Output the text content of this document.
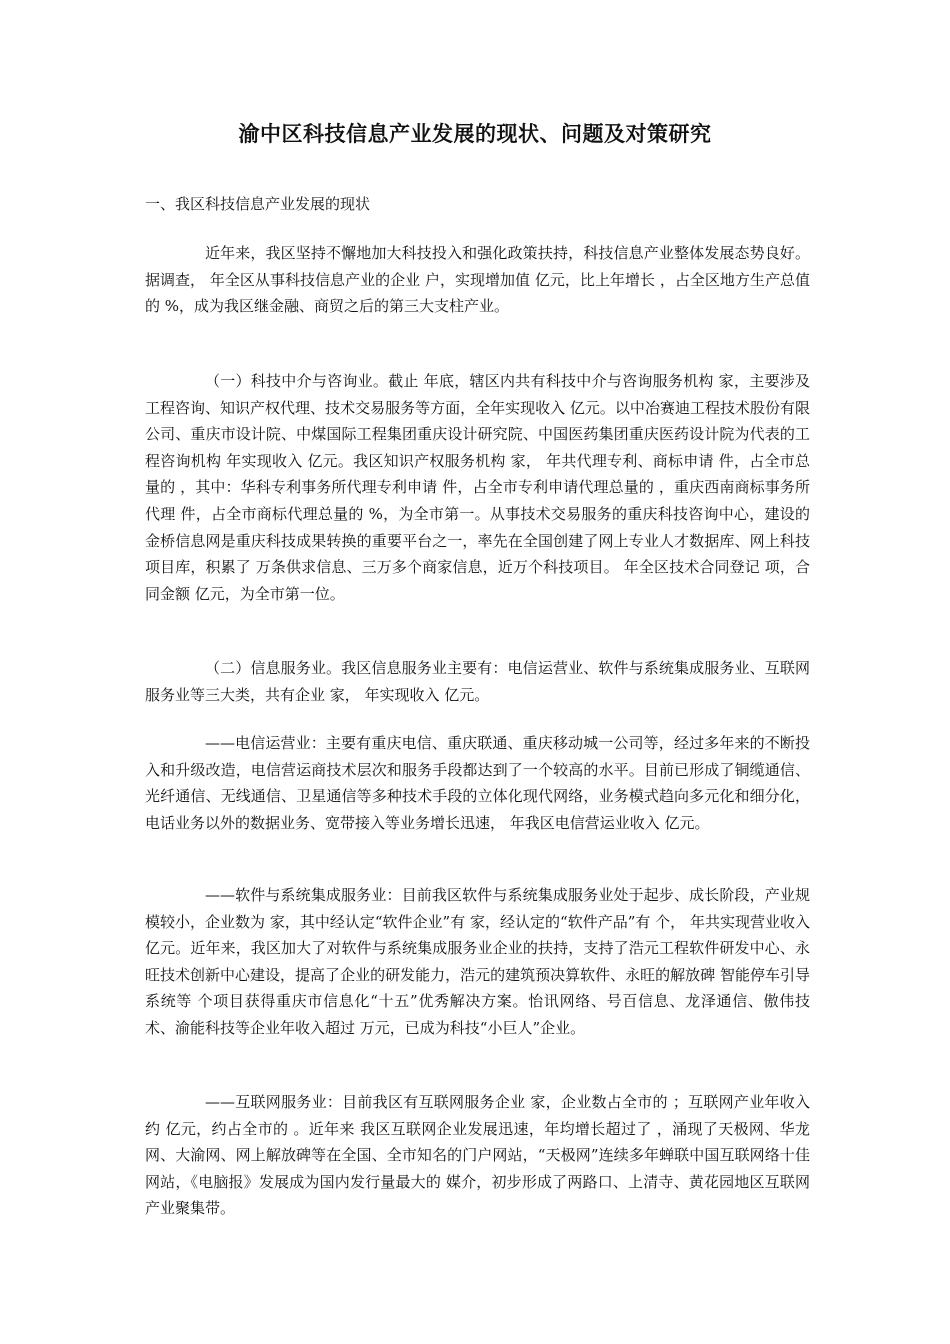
渝中区科技信息产业发展的现状、问题及对策研究
一、我区科技信息产业发展的现状

近年来，我区坚持不懈地加大科技投入和强化政策扶持，科技信息产业整体发展态势良好。据调查， 年全区从事科技信息产业的企业 户，实现增加值 亿元，比上年增长 ，占全区地方生产总值的 %，成为我区继金融、商贸之后的第三大支柱产业。

（一）科技中介与咨询业。截止 年底，辖区内共有科技中介与咨询服务机构 家，主要涉及工程咨询、知识产权代理、技术交易服务等方面，全年实现收入 亿元。以中冶赛迪工程技术股份有限公司、重庆市设计院、中煤国际工程集团重庆设计研究院、中国医药集团重庆医药设计院为代表的工程咨询机构 年实现收入 亿元。我区知识产权服务机构 家， 年共代理专利、商标申请 件，占全市总量的 ，其中：华科专利事务所代理专利申请 件，占全市专利申请代理总量的 ，重庆西南商标事务所代理 件，占全市商标代理总量的 %，为全市第一。从事技术交易服务的重庆科技咨询中心，建设的金桥信息网是重庆科技成果转换的重要平台之一，率先在全国创建了网上专业人才数据库、网上科技项目库，积累了 万条供求信息、三万多个商家信息，近万个科技项目。 年全区技术合同登记 项，合同金额 亿元，为全市第一位。

（二）信息服务业。我区信息服务业主要有：电信运营业、软件与系统集成服务业、互联网服务业等三大类，共有企业 家， 年实现收入 亿元。

——电信运营业：主要有重庆电信、重庆联通、重庆移动城一公司等，经过多年来的不断投入和升级改造，电信营运商技术层次和服务手段都达到了一个较高的水平。目前已形成了铜缆通信、光纤通信、无线通信、卫星通信等多种技术手段的立体化现代网络，业务模式趋向多元化和细分化，电话业务以外的数据业务、宽带接入等业务增长迅速， 年我区电信营运业收入 亿元。

——软件与系统集成服务业：目前我区软件与系统集成服务业处于起步、成长阶段，产业规模较小，企业数为 家，其中经认定“软件企业”有 家，经认定的“软件产品”有 个， 年共实现营业收入 亿元。近年来，我区加大了对软件与系统集成服务业企业的扶持，支持了浩元工程软件研发中心、永旺技术创新中心建设，提高了企业的研发能力，浩元的建筑预决算软件、永旺的解放碑 智能停车引导系统等 个项目获得重庆市信息化“十五”优秀解决方案。怡讯网络、号百信息、龙泽通信、傲伟技术、渝能科技等企业年收入超过 万元，已成为科技“小巨人”企业。

——互联网服务业：目前我区有互联网服务企业 家，企业数占全市的 ；互联网产业年收入约 亿元，约占全市的 。近年来 我区互联网企业发展迅速，年均增长超过了 ，涌现了天极网、华龙网、大渝网、网上解放碑等在全国、全市知名的门户网站，“天极网”连续多年蝉联中国互联网络十佳网站，《电脑报》发展成为国内发行量最大的 媒介，初步形成了两路口、上清寺、黄花园地区互联网产业聚集带。
